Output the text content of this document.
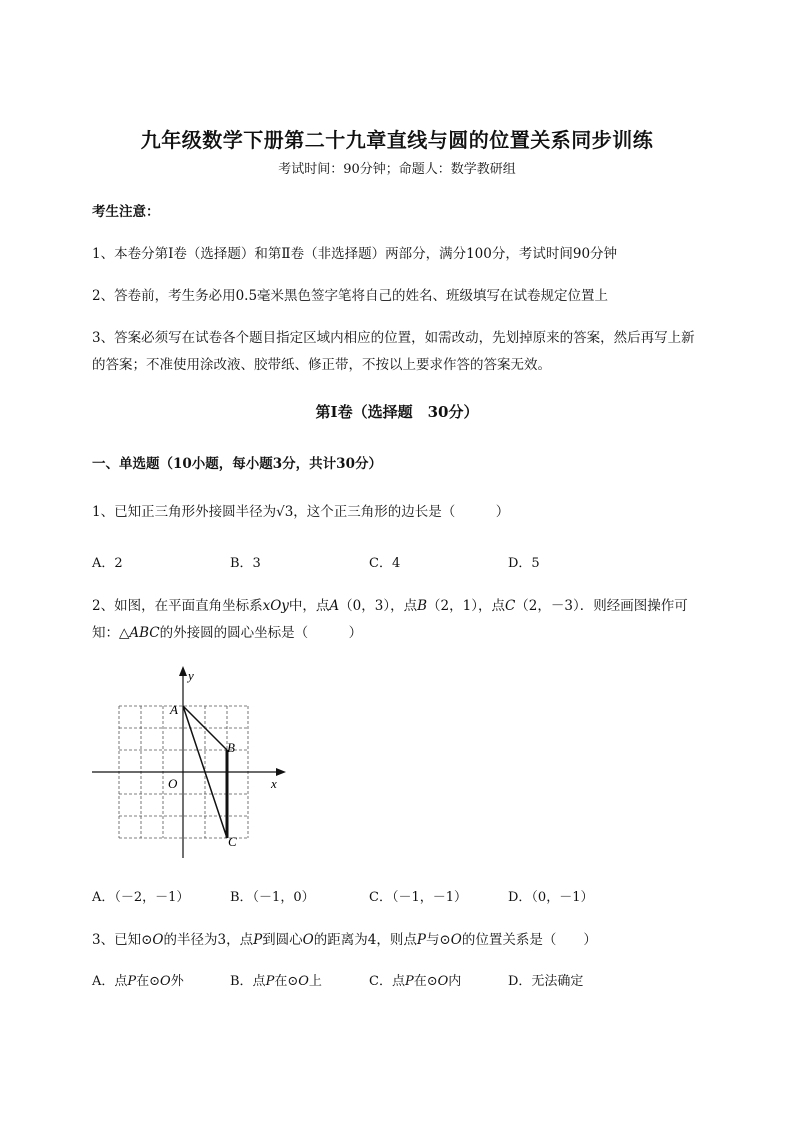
九年级数学下册第二十九章直线与圆的位置关系同步训练
考试时间：90分钟；命题人：数学教研组
考生注意：
1、本卷分第I卷（选择题）和第Ⅱ卷（非选择题）两部分，满分100分，考试时间90分钟
2、答卷前，考生务必用0.5毫米黑色签字笔将自己的姓名、班级填写在试卷规定位置上
3、答案必须写在试卷各个题目指定区域内相应的位置，如需改动，先划掉原来的答案，然后再写上新
的答案；不准使用涂改液、胶带纸、修正带，不按以上要求作答的答案无效。
第I卷（选择题　30分）
一、单选题（10小题，每小题3分，共计30分）
1、已知正三角形外接圆半径为√3，这个正三角形的边长是（　　　）
A．2	B．3	C．4	D．5
2、如图，在平面直角坐标系xOy中，点A（0，3），点B（2，1），点C（2，－3）．则经画图操作可
知：△ABC的外接圆的圆心坐标是（　　　）
y
x
O
A
B
C
A．（－2，－1）	B．（－1，0）	C．（－1，－1）	D．（0，－1）
3、已知⊙O的半径为3，点P到圆心O的距离为4，则点P与⊙O的位置关系是（　　）
A．点P在⊙O外	B．点P在⊙O上	C．点P在⊙O内	D．无法确定
